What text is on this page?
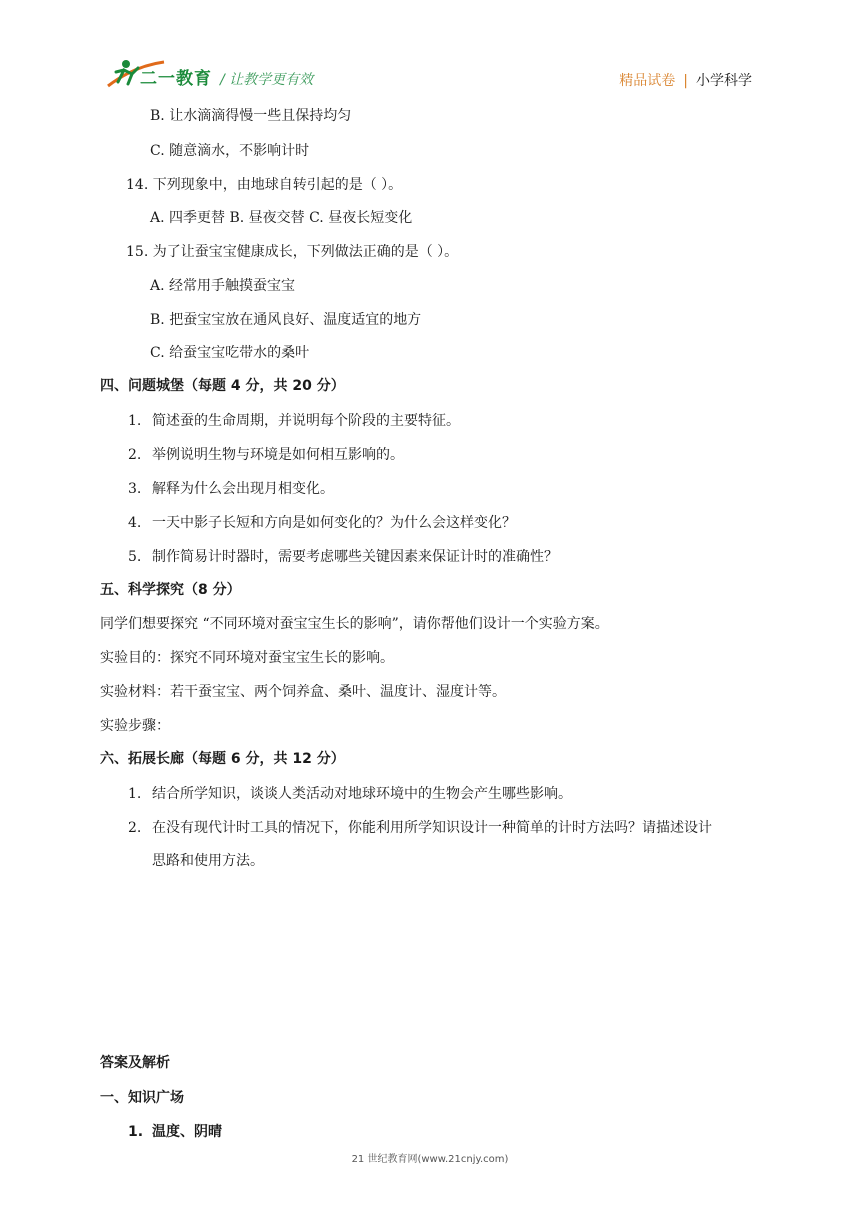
二一教育 / 让教学更有效	精品试卷 | 小学科学
B. 让水滴滴得慢一些且保持均匀
C. 随意滴水，不影响计时
14. 下列现象中，由地球自转引起的是（ ）。
A. 四季更替 B. 昼夜交替 C. 昼夜长短变化
15. 为了让蚕宝宝健康成长，下列做法正确的是（ ）。
A. 经常用手触摸蚕宝宝
B. 把蚕宝宝放在通风良好、温度适宜的地方
C. 给蚕宝宝吃带水的桑叶
四、问题城堡（每题 4 分，共 20 分）
1. 简述蚕的生命周期，并说明每个阶段的主要特征。
2. 举例说明生物与环境是如何相互影响的。
3. 解释为什么会出现月相变化。
4. 一天中影子长短和方向是如何变化的？为什么会这样变化？
5. 制作简易计时器时，需要考虑哪些关键因素来保证计时的准确性？
五、科学探究（8 分）
同学们想要探究 “不同环境对蚕宝宝生长的影响”，请你帮他们设计一个实验方案。
实验目的：探究不同环境对蚕宝宝生长的影响。
实验材料：若干蚕宝宝、两个饲养盒、桑叶、温度计、湿度计等。
实验步骤：
六、拓展长廊（每题 6 分，共 12 分）
1. 结合所学知识，谈谈人类活动对地球环境中的生物会产生哪些影响。
2. 在没有现代计时工具的情况下，你能利用所学知识设计一种简单的计时方法吗？请描述设计
思路和使用方法。
答案及解析
一、知识广场
1. 温度、阴晴
21 世纪教育网(www.21cnjy.com)
